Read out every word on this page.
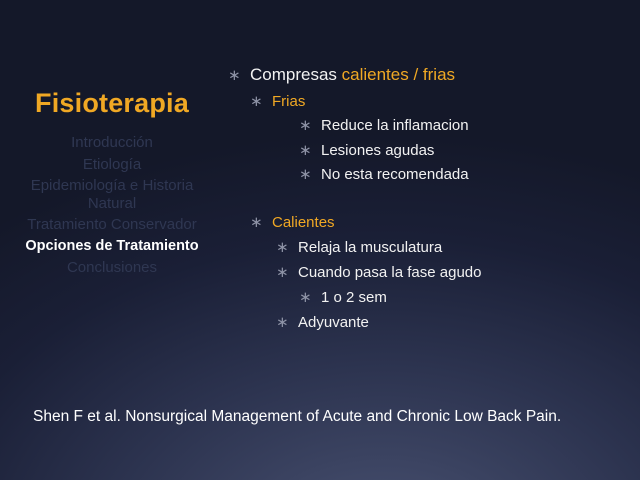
Fisioterapia
Introducción
Etiología
Epidemiología e Historia Natural
Tratamiento Conservador
Opciones de Tratamiento
Conclusiones
∗ Compresas calientes / frias
∗ Frias
∗ Reduce la inflamacion
∗ Lesiones agudas
∗ No esta recomendada
∗ Calientes
∗ Relaja la musculatura
∗ Cuando pasa la fase agudo
∗ 1 o 2 sem
∗ Adyuvante
Shen F et al. Nonsurgical Management of Acute and Chronic Low Back Pain.
